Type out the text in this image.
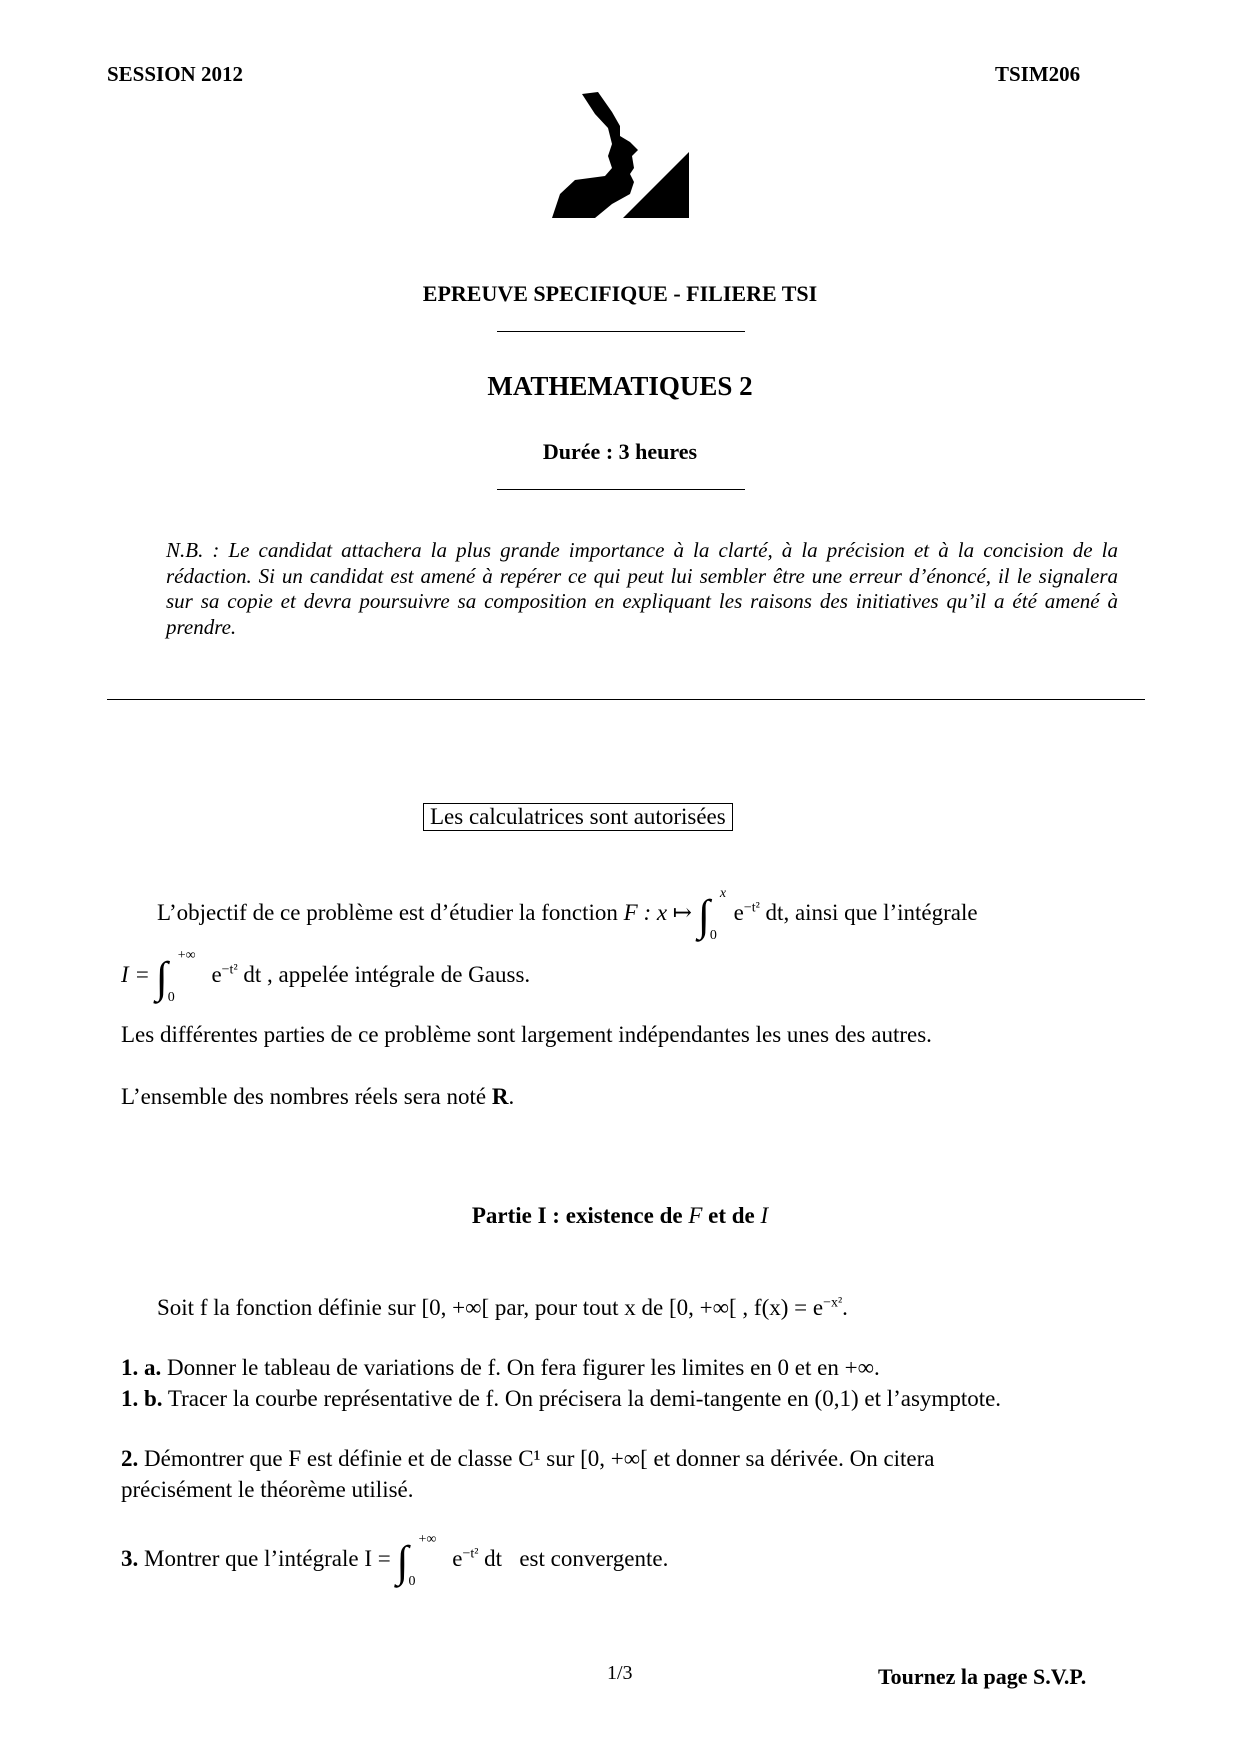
SESSION 2012	TSIM206
EPREUVE SPECIFIQUE - FILIERE TSI
MATHEMATIQUES 2
Durée : 3 heures
N.B. : Le candidat attachera la plus grande importance à la clarté, à la précision et à la concision de la rédaction. Si un candidat est amené à repérer ce qui peut lui sembler être une erreur d’énoncé, il le signalera sur sa copie et devra poursuivre sa composition en expliquant les raisons des initiatives qu’il a été amené à prendre.
Les calculatrices sont autorisées
L’objectif de ce problème est d’étudier la fonction F : x ↦ ∫ x
0
$e^{-t^2}$ dt, ainsi que l’intégrale
I = ∫ +∞
0
$e^{-t^2}$ dt , appelée intégrale de Gauss.
Les différentes parties de ce problème sont largement indépendantes les unes des autres.
L’ensemble des nombres réels sera noté R.
Partie I : existence de F et de I
Soit f la fonction définie sur [0, +∞[ par, pour tout x de [0, +∞[ , $f(x) = e^{-x^2}$.
1. a. Donner le tableau de variations de f. On fera figurer les limites en 0 et en +∞.
1. b. Tracer la courbe représentative de f. On précisera la demi-tangente en (0,1) et l’asymptote.
2. Démontrer que F est définie et de classe C¹ sur [0, +∞[ et donner sa dérivée. On citera
précisément le théorème utilisé.
3. Montrer que l’intégrale I = ∫ +∞
0
$e^{-t^2}$ dt est convergente.
1/3	Tournez la page S.V.P.
